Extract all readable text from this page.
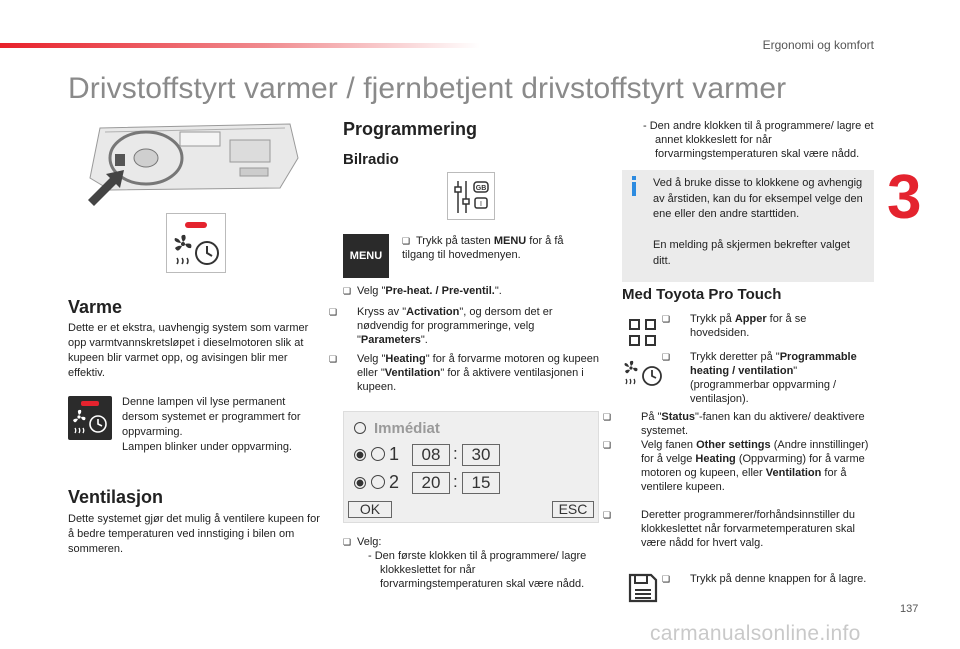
Ergonomi og komfort
Drivstoffstyrt varmer / fjernbetjent drivstoffstyrt varmer
3
Varme
Dette er et ekstra, uavhengig system som varmer opp varmtvannskretsløpet i dieselmotoren slik at kupeen blir varmet opp, og avisingen blir mer effektiv.
Denne lampen vil lyse permanent dersom systemet er programmert for oppvarming.
Lampen blinker under oppvarming.
Ventilasjon
Dette systemet gjør det mulig å ventilere kupeen for å bedre temperaturen ved innstiging i bilen om sommeren.
Programmering
Bilradio
GB
I
MENU
❏ Trykk på tasten MENU for å få tilgang til hovedmenyen.
❏ Velg "Pre-heat. / Pre-ventil.".
❏ Kryss av "Activation", og dersom det er nødvendig for programmeringe, velg "Parameters".
❏ Velg "Heating" for å forvarme motoren og kupeen eller "Ventilation" for å aktivere ventilasjonen i kupeen.
Immédiat
1	08 : 30
2	20 : 15
OK	ESC
❏ Velg:
- Den første klokken til å programmere/ lagre klokkeslettet for når forvarmingstemperaturen skal være nådd.
- Den andre klokken til å programmere/ lagre et annet klokkeslett for når forvarmingstemperaturen skal være nådd.
Ved å bruke disse to klokkene og avhengig av årstiden, kan du for eksempel velge den ene eller den andre starttiden.
En melding på skjermen bekrefter valget ditt.
Med Toyota Pro Touch
❏ Trykk på Apper for å se hovedsiden.
❏ Trykk deretter på "Programmable heating / ventilation" (programmerbar oppvarming / ventilasjon).
❏	På "Status"-fanen kan du aktivere/ deaktivere systemet.
❏	Velg fanen Other settings (Andre innstillinger) for å velge Heating (Oppvarming) for å varme motoren og kupeen, eller Ventilation for å ventilere kupeen.
❏	Deretter programmerer/forhåndsinnstiller du klokkeslettet når forvarmetemperaturen skal være nådd for hvert valg.
❏ Trykk på denne knappen for å lagre.
137
carmanualsonline.info
